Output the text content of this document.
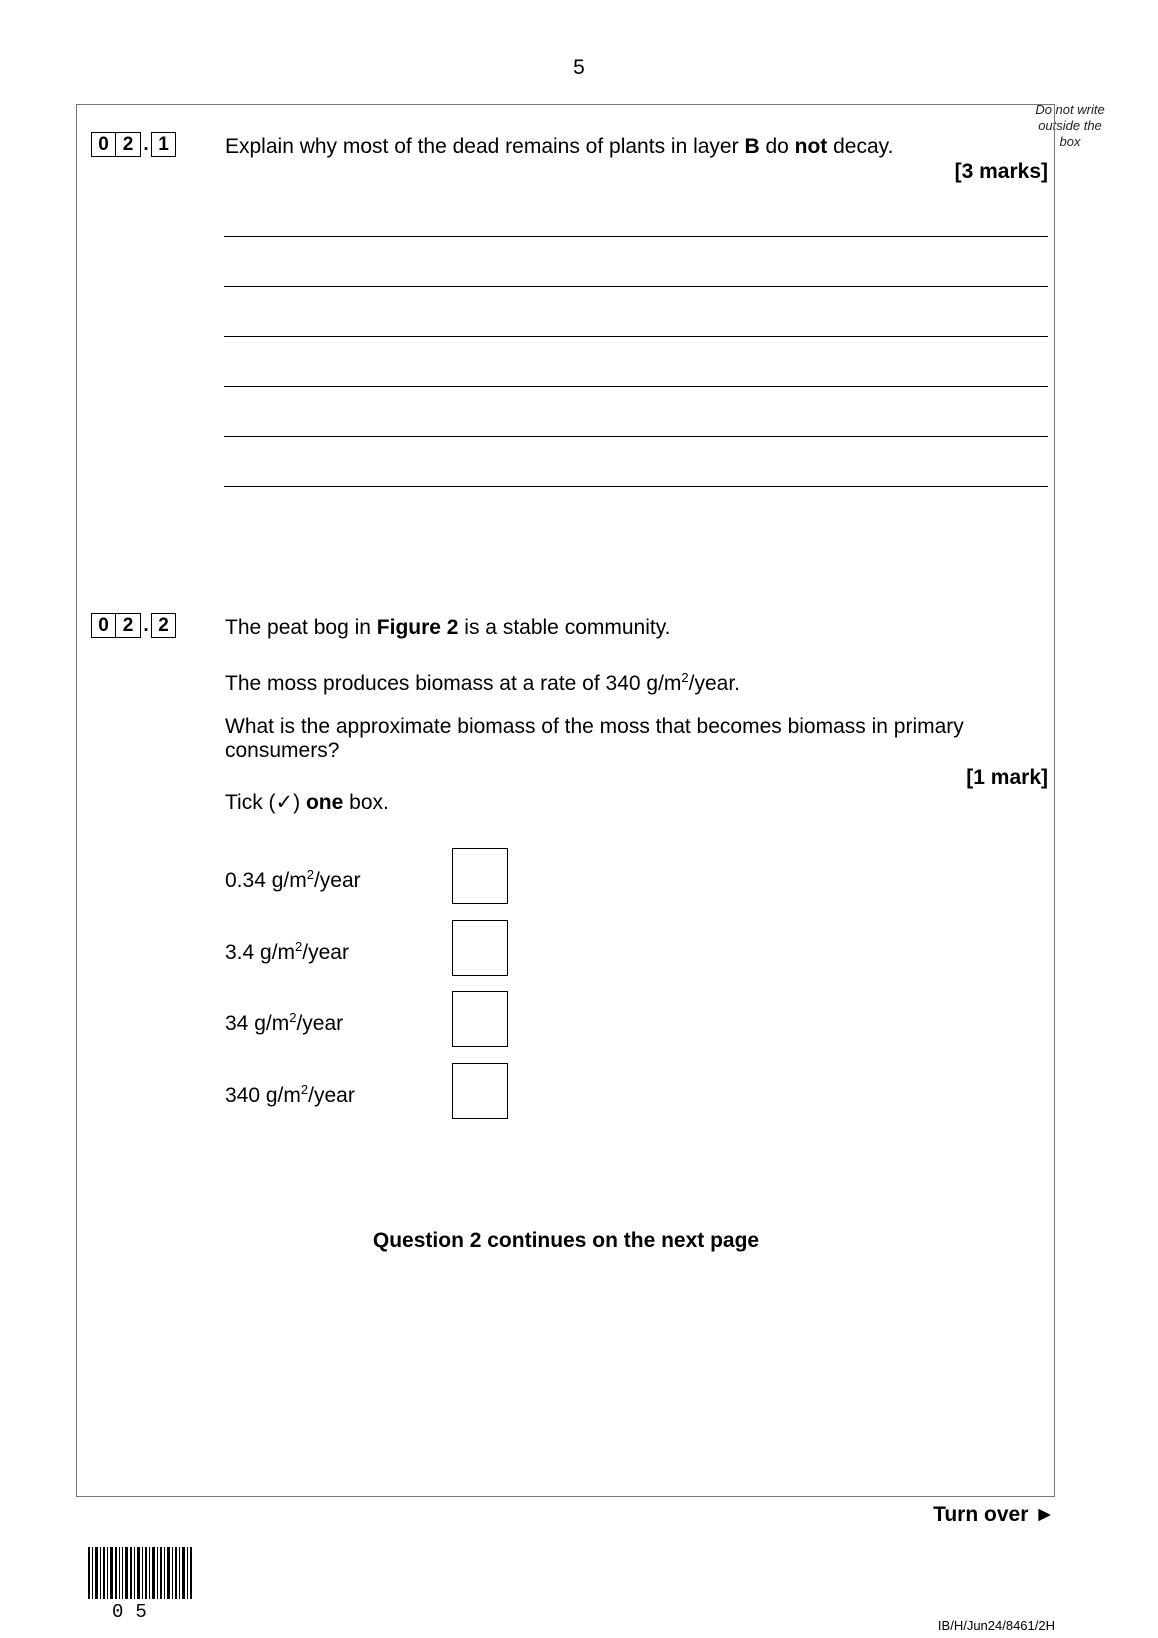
5
Do not write
outside the
box
0 2 . 1	Explain why most of the dead remains of plants in layer B do not decay.
[3 marks]
0 2 . 2	The peat bog in Figure 2 is a stable community.
The moss produces biomass at a rate of 340 $g/m^2$/year.
What is the approximate biomass of the moss that becomes biomass in primary consumers?
[1 mark]
Tick (✓) one box.
0.34 $g/m^2$/year
3.4 $g/m^2$/year
34 $g/m^2$/year
340 $g/m^2$/year
Question 2 continues on the next page
Turn over ►
05
IB/H/Jun24/8461/2H
